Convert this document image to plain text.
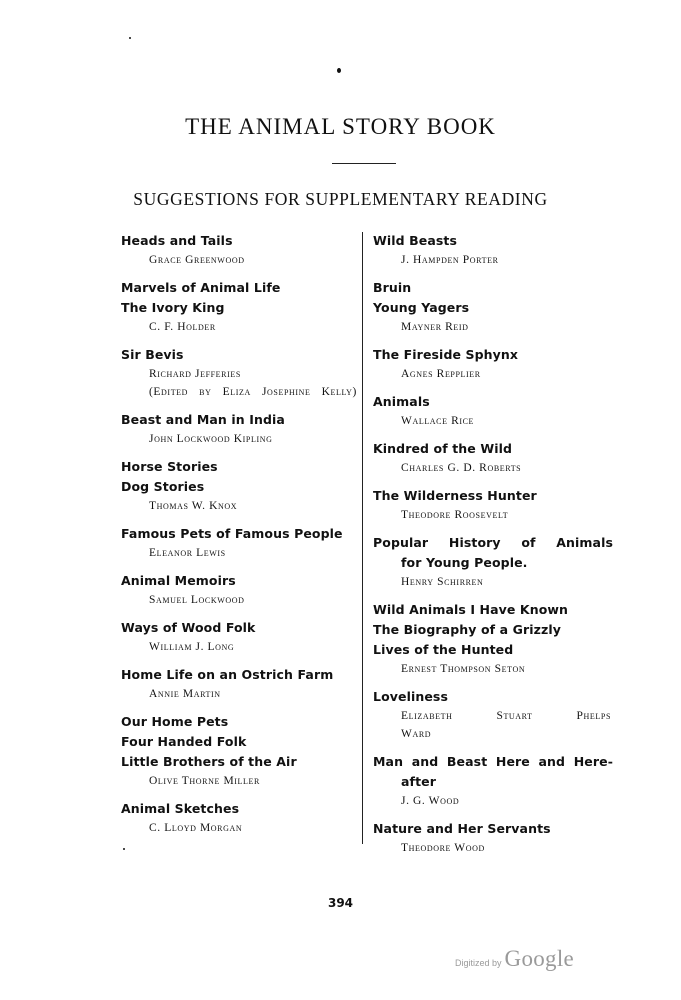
THE ANIMAL STORY BOOK
SUGGESTIONS FOR SUPPLEMENTARY READING
Heads and Tails
Grace Greenwood
Marvels of Animal Life
The Ivory King
C. F. Holder
Sir Bevis
Richard Jefferies
(Edited by Eliza Josephine Kelly)
Beast and Man in India
John Lockwood Kipling
Horse Stories
Dog Stories
Thomas W. Knox
Famous Pets of Famous People
Eleanor Lewis
Animal Memoirs
Samuel Lockwood
Ways of Wood Folk
William J. Long
Home Life on an Ostrich Farm
Annie Martin
Our Home Pets
Four Handed Folk
Little Brothers of the Air
Olive Thorne Miller
Animal Sketches
C. Lloyd Morgan
Wild Beasts
J. Hampden Porter
Bruin
Young Yagers
Mayner Reid
The Fireside Sphynx
Agnes Repplier
Animals
Wallace Rice
Kindred of the Wild
Charles G. D. Roberts
The Wilderness Hunter
Theodore Roosevelt
Popular History of Animals
for Young People.
Henry Schirren
Wild Animals I Have Known
The Biography of a Grizzly
Lives of the Hunted
Ernest Thompson Seton
Loveliness
Elizabeth Stuart Phelps Ward
Man and Beast Here and Here-
after
J. G. Wood
Nature and Her Servants
Theodore Wood
394
Digitized by Google
